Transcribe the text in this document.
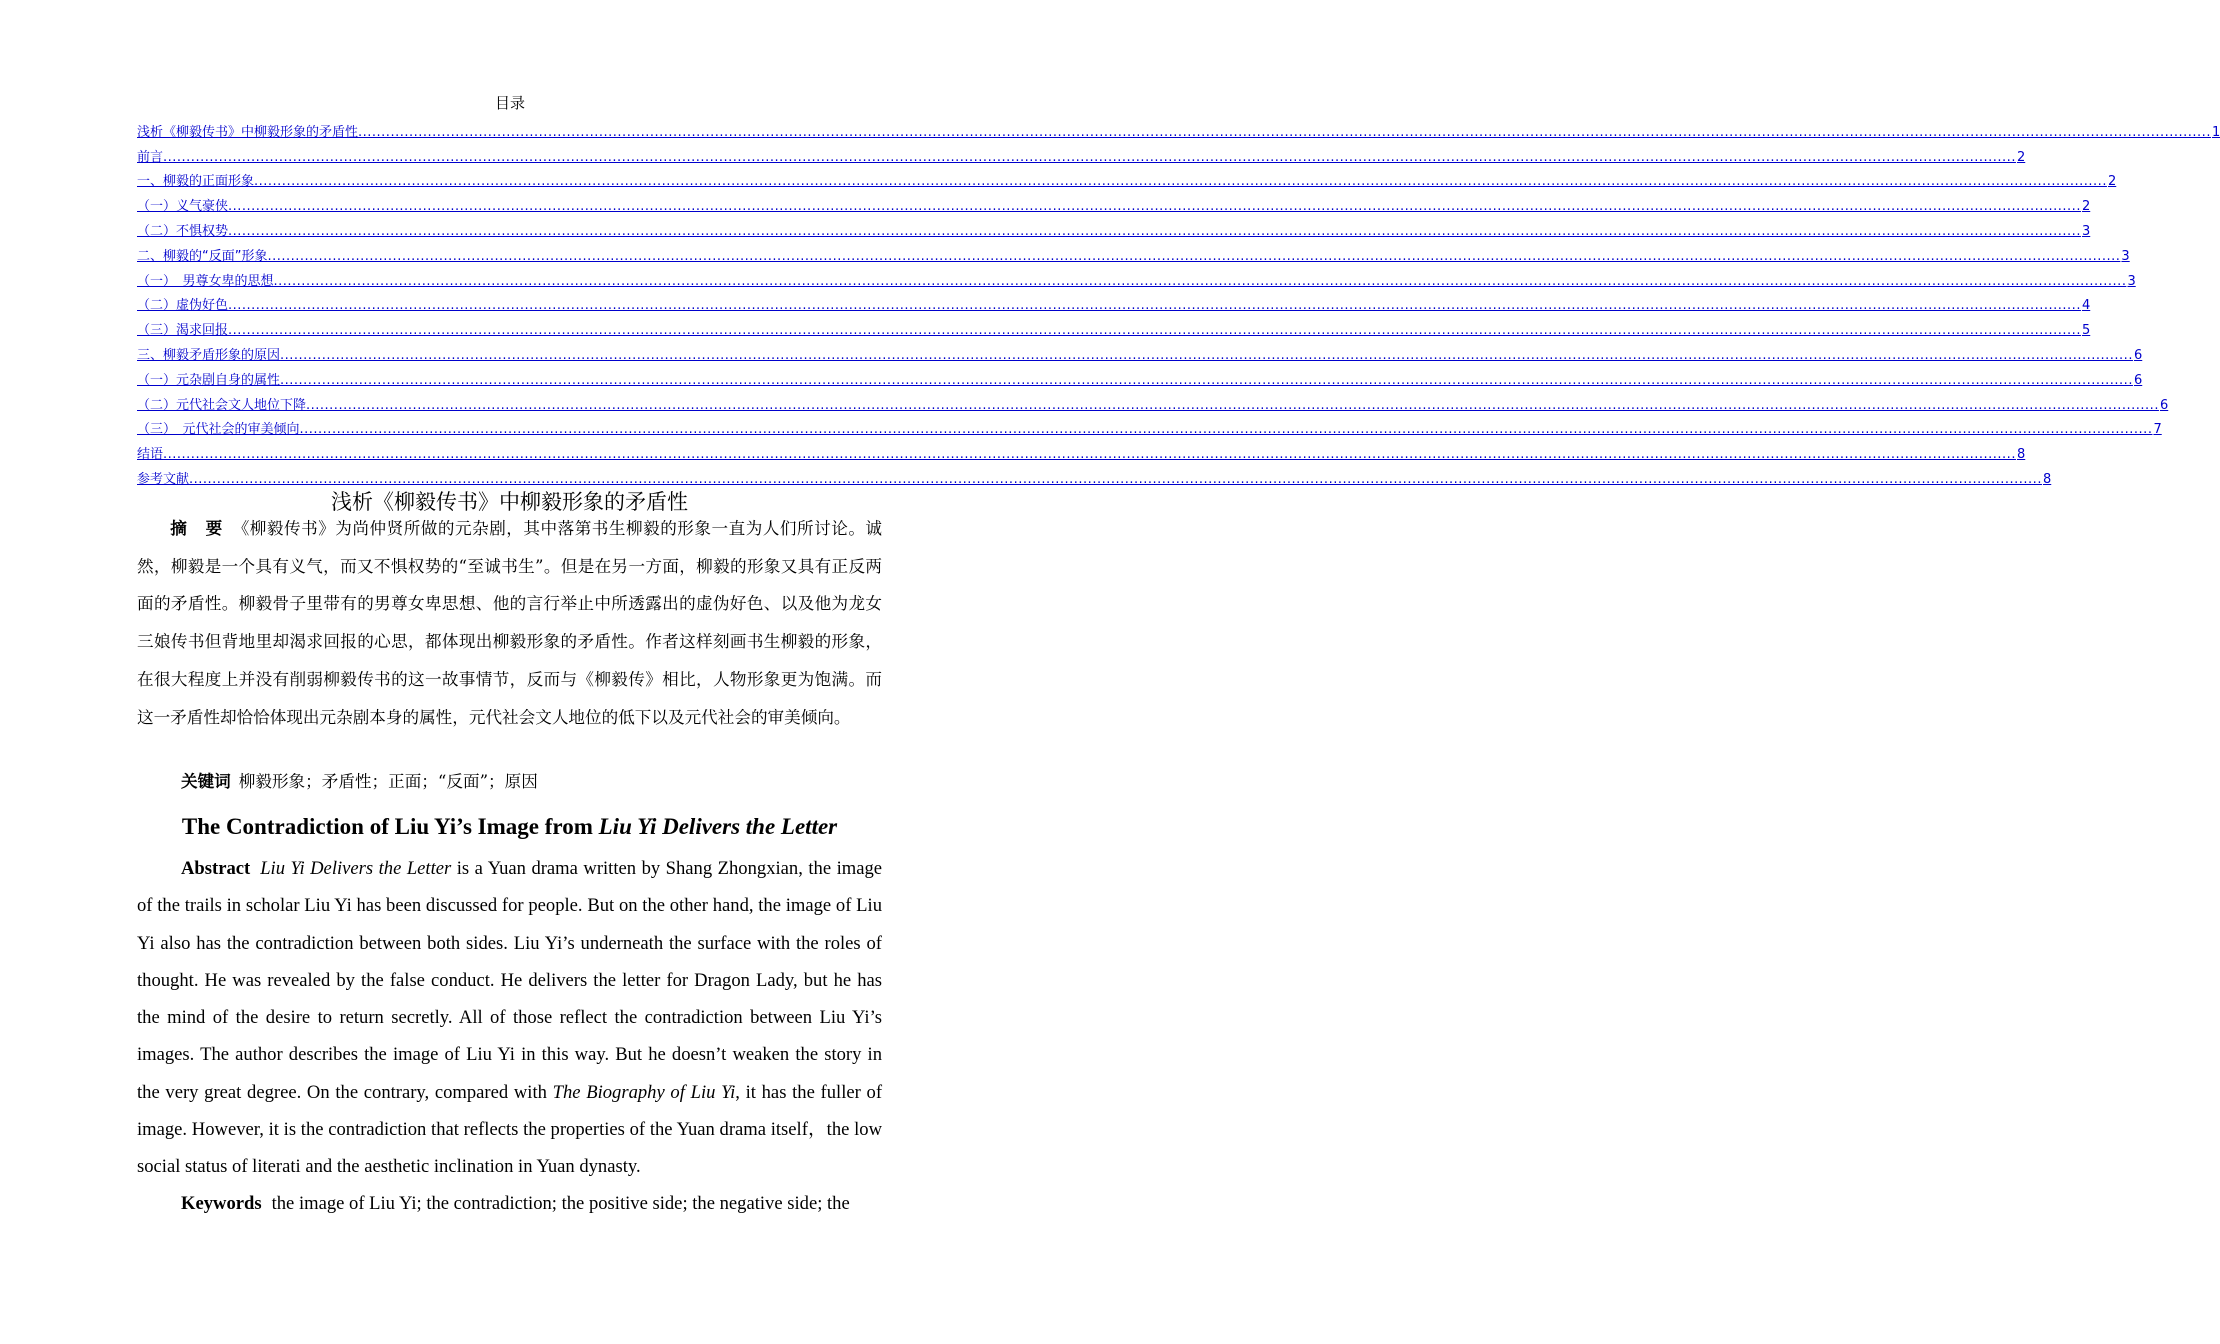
目录
浅析《柳毅传书》中柳毅形象的矛盾性 ................................................................................................................................................................................................................................................................................................................................................................................................................ 1
前言 ................................................................................................................................................................................................................................................................................................................................................................................................................ 2
一、柳毅的正面形象 ................................................................................................................................................................................................................................................................................................................................................................................................................ 2
（一）义气豪侠 ................................................................................................................................................................................................................................................................................................................................................................................................................ 2
（二）不惧权势 ................................................................................................................................................................................................................................................................................................................................................................................................................ 3
二、柳毅的“反面”形象 ................................................................................................................................................................................................................................................................................................................................................................................................................ 3
（一）　男尊女卑的思想 ................................................................................................................................................................................................................................................................................................................................................................................................................ 3
（二）虚伪好色 ................................................................................................................................................................................................................................................................................................................................................................................................................ 4
（三）渴求回报 ................................................................................................................................................................................................................................................................................................................................................................................................................ 5
三、柳毅矛盾形象的原因 ................................................................................................................................................................................................................................................................................................................................................................................................................ 6
（一）元杂剧自身的属性 ................................................................................................................................................................................................................................................................................................................................................................................................................ 6
（二）元代社会文人地位下降 ................................................................................................................................................................................................................................................................................................................................................................................................................ 6
（三）　元代社会的审美倾向 ................................................................................................................................................................................................................................................................................................................................................................................................................ 7
结语 ................................................................................................................................................................................................................................................................................................................................................................................................................ 8
参考文献 ................................................................................................................................................................................................................................................................................................................................................................................................................ 8
浅析《柳毅传书》中柳毅形象的矛盾性
摘 要 《柳毅传书》为尚仲贤所做的元杂剧，其中落第书生柳毅的形象一直为人们所讨论。诚然，柳毅是一个具有义气，而又不惧权势的“至诚书生”。但是在另一方面，柳毅的形象又具有正反两面的矛盾性。柳毅骨子里带有的男尊女卑思想、他的言行举止中所透露出的虚伪好色、以及他为龙女三娘传书但背地里却渴求回报的心思，都体现出柳毅形象的矛盾性。作者这样刻画书生柳毅的形象，在很大程度上并没有削弱柳毅传书的这一故事情节，反而与《柳毅传》相比，人物形象更为饱满。而这一矛盾性却恰恰体现出元杂剧本身的属性，元代社会文人地位的低下以及元代社会的审美倾向。
关键词 柳毅形象；矛盾性；正面；“反面”；原因
The Contradiction of Liu Yi’s Image from Liu Yi Delivers the Letter
Abstract Liu Yi Delivers the Letter is a Yuan drama written by Shang Zhongxian, the image of the trails in scholar Liu Yi has been discussed for people. But on the other hand, the image of Liu Yi also has the contradiction between both sides. Liu Yi’s underneath the surface with the roles of thought. He was revealed by the false conduct. He delivers the letter for Dragon Lady, but he has the mind of the desire to return secretly. All of those reflect the contradiction between Liu Yi’s images. The author describes the image of Liu Yi in this way. But he doesn’t weaken the story in the very great degree. On the contrary, compared with The Biography of Liu Yi, it has the fuller of image. However, it is the contradiction that reflects the properties of the Yuan drama itself，the low social status of literati and the aesthetic inclination in Yuan dynasty.
Keywords the image of Liu Yi; the contradiction; the positive side; the negative side; the
